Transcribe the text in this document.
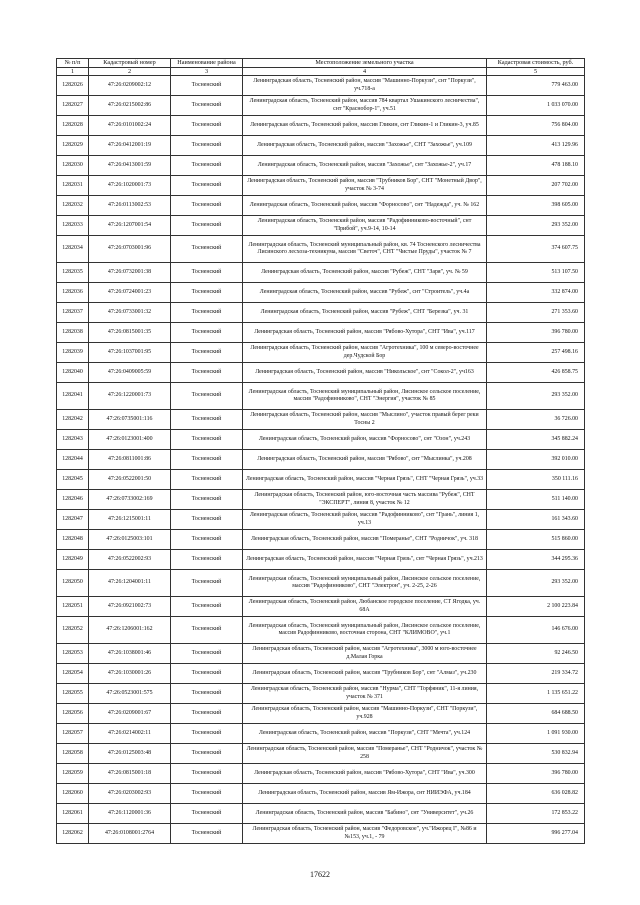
№ п/п	Кадастровый номер	Наименование района	Местоположение земельного участка	Кадастровая стоимость, руб.
1	2	3	4	5
1282026	47:26:0209002:12	Тосненский	Ленинградская область, Тосненский район, массив "Машинно-Поркузи", снт "Поркузи", уч.718-а	779 463.00
1282027	47:26:0215002:86	Тосненский	Ленинградская область, Тосненский район, массив 784 квартал Ушакинского лесничества", снт "Краснобор-1", уч.51	1 033 070.00
1282028	47:26:0101002:24	Тосненский	Ленинградская область, Тосненский район, массив Гликин, снт Гликин-1 и Гликин-3, уч.85	756 804.00
1282029	47:26:0412001:19	Тосненский	Ленинградская область, Тосненский район, массив "Захожье", СНТ "Захожье", уч.109	413 129.96
1282030	47:26:0413001:59	Тосненский	Ленинградская область, Тосненский район, массив "Захожье", снт "Захожье-2", уч.17	478 188.10
1282031	47:26:1020001:73	Тосненский	Ленинградская область, Тосненский район, массив "Трубников Бор", СНТ "Монетный Двор", участок № 3-74	207 702.00
1282032	47:26:0113002:53	Тосненский	Ленинградская область, Тосненский район, массив "Форносово", снт "Надежда", уч. № 162	398 605.00
1282033	47:26:1207001:54	Тосненский	Ленинградская область, Тосненский район, массив "Радофинниково-восточный", снт "Прибой", уч.9-14, 10-14	293 352.00
1282034	47:26:0703001:96	Тосненский	Ленинградская область, Тосненский муниципальный район, кв. 74 Тосненского лесничества Лисинского лесхоза-техникума, массив "Светоч", СНТ "Чистые Пруды", участок № 7	374 607.75
1282035	47:26:0732001:38	Тосненский	Ленинградская область, Тосненский район, массив "Рубеж", СНТ "Заря", уч. № 59	513 107.50
1282036	47:26:0724001:23	Тосненский	Ленинградская область, Тосненский район, массив "Рубеж", снт "Строитель", уч.4а	332 874.00
1282037	47:26:0733001:32	Тосненский	Ленинградская область, Тосненский район, массив "Рубеж", СНТ "Березка", уч. 31	271 353.60
1282038	47:26:0815001:35	Тосненский	Ленинградская область, Тосненский район, массив "Рябово-Хутора", СНТ "Ива", уч.117	396 780.00
1282039	47:26:1037001:95	Тосненский	Ленинградская область, Тосненский район, массив "Агротехника", 100 м северо-восточнее дер.Чудской Бор	257 498.16
1282040	47:26:0409005:59	Тосненский	Ленинградская область, Тосненский район, массив "Никольское", снт "Сокол-2", уч163	426 858.75
1282041	47:26:1220001:73	Тосненский	Ленинградская область, Тосненский муниципальный район, Лисинское сельское поселение, массив "Радофинниково", СНТ "Энергия", участок № 85	293 352.00
1282042	47:26:0735001:116	Тосненский	Ленинградская область, Тосненский район, массив "Мыслино", участок правый берег реки Тосны 2	36 726.00
1282043	47:26:0123001:400	Тосненский	Ленинградская область, Тосненский район, массив "Форносово", снт "Озон", уч.243	345 882.24
1282044	47:26:0811001:86	Тосненский	Ленинградская область, Тосненский район, массив "Рябово", снт "Мыслинка", уч.208	392 010.00
1282045	47:26:0522001:50	Тосненский	Ленинградская область, Тосненский район, массив "Черная Грязь", СНТ "Черная Грязь", уч.33	350 111.16
1282046	47:26:0733002:169	Тосненский	Ленинградская область, Тосненский район, юго-восточная часть массива "Рубеж", СНТ "ЭКСПЕРТ", линия 8, участок № 12	511 140.00
1282047	47:26:1215001:11	Тосненский	Ленинградская область, Тосненский район, массив "Радофинниково", снт "Грань", линия 1, уч.13	161 343.60
1282048	47:26:0125003:101	Тосненский	Ленинградская область, Тосненский район, массив "Померанье", СНТ "Родничок", уч. 318	515 860.00
1282049	47:26:0522002:93	Тосненский	Ленинградская область, Тосненский район, массив "Черная Грязь", снт "Черная Грязь", уч.213	344 295.36
1282050	47:26:1204001:11	Тосненский	Ленинградская область, Тосненский муниципальный район, Лисинское сельское поселение, массив "Радофинниково", СНТ "Электрон", уч. 2-25, 2-26	293 352.00
1282051	47:26:0921002:73	Тосненский	Ленинградская область, Тосненский район, Любанское городское поселение, СТ Ягодка, уч. 68А	2 100 223.84
1282052	47:26:1206001:162	Тосненский	Ленинградская область, Тосненский муниципальный район, Лисинское сельское поселение, массив Радофинниково, восточная сторона, СНТ "КЛИМОВО", уч.1	146 676.00
1282053	47:26:1038001:46	Тосненский	Ленинградская область, Тосненский район, массив "Агротехника", 3000 м юго-восточнее д.Малая Горка	92 246.50
1282054	47:26:1030001:26	Тосненский	Ленинградская область, Тосненский район, массив "Трубников Бор", снт "Алмаз", уч.230	219 334.72
1282055	47:26:0523001:575	Тосненский	Ленинградская область, Тосненский район, массив "Нурма", СНТ "Торфяник", 11-я линия, участок № 371	1 135 651.22
1282056	47:26:0209001:67	Тосненский	Ленинградская область, Тосненский район, массив "Машинно-Поркузи", СНТ "Поркузи", уч.928	684 688.50
1282057	47:26:0214002:11	Тосненский	Ленинградская область, Тосненский район, массив "Поркузи", СНТ "Мечта", уч.124	1 091 930.00
1282058	47:26:0125003:48	Тосненский	Ленинградская область, Тосненский район, массив "Померанье", СНТ "Родничок", участок № 258	530 832.94
1282059	47:26:0815001:18	Тосненский	Ленинградская область, Тосненский район, массив "Рябово-Хутора", СНТ "Ива", уч.300	396 780.00
1282060	47:26:0203002:93	Тосненский	Ленинградская область, Тосненский район, массив Ям-Ижора, снт НИИЭФА, уч.184	636 028.82
1282061	47:26:1120001:36	Тосненский	Ленинградская область, Тосненский район, массив "Бабино", снт "Университет", уч.26	172 853.22
1282062	47:26:0108001:2764	Тосненский	Ленинградская область, Тосненский район, массив "Федоровское", уч."Ижорец I", №86 и №153, уч.1, - 79	996 277.04
17622
